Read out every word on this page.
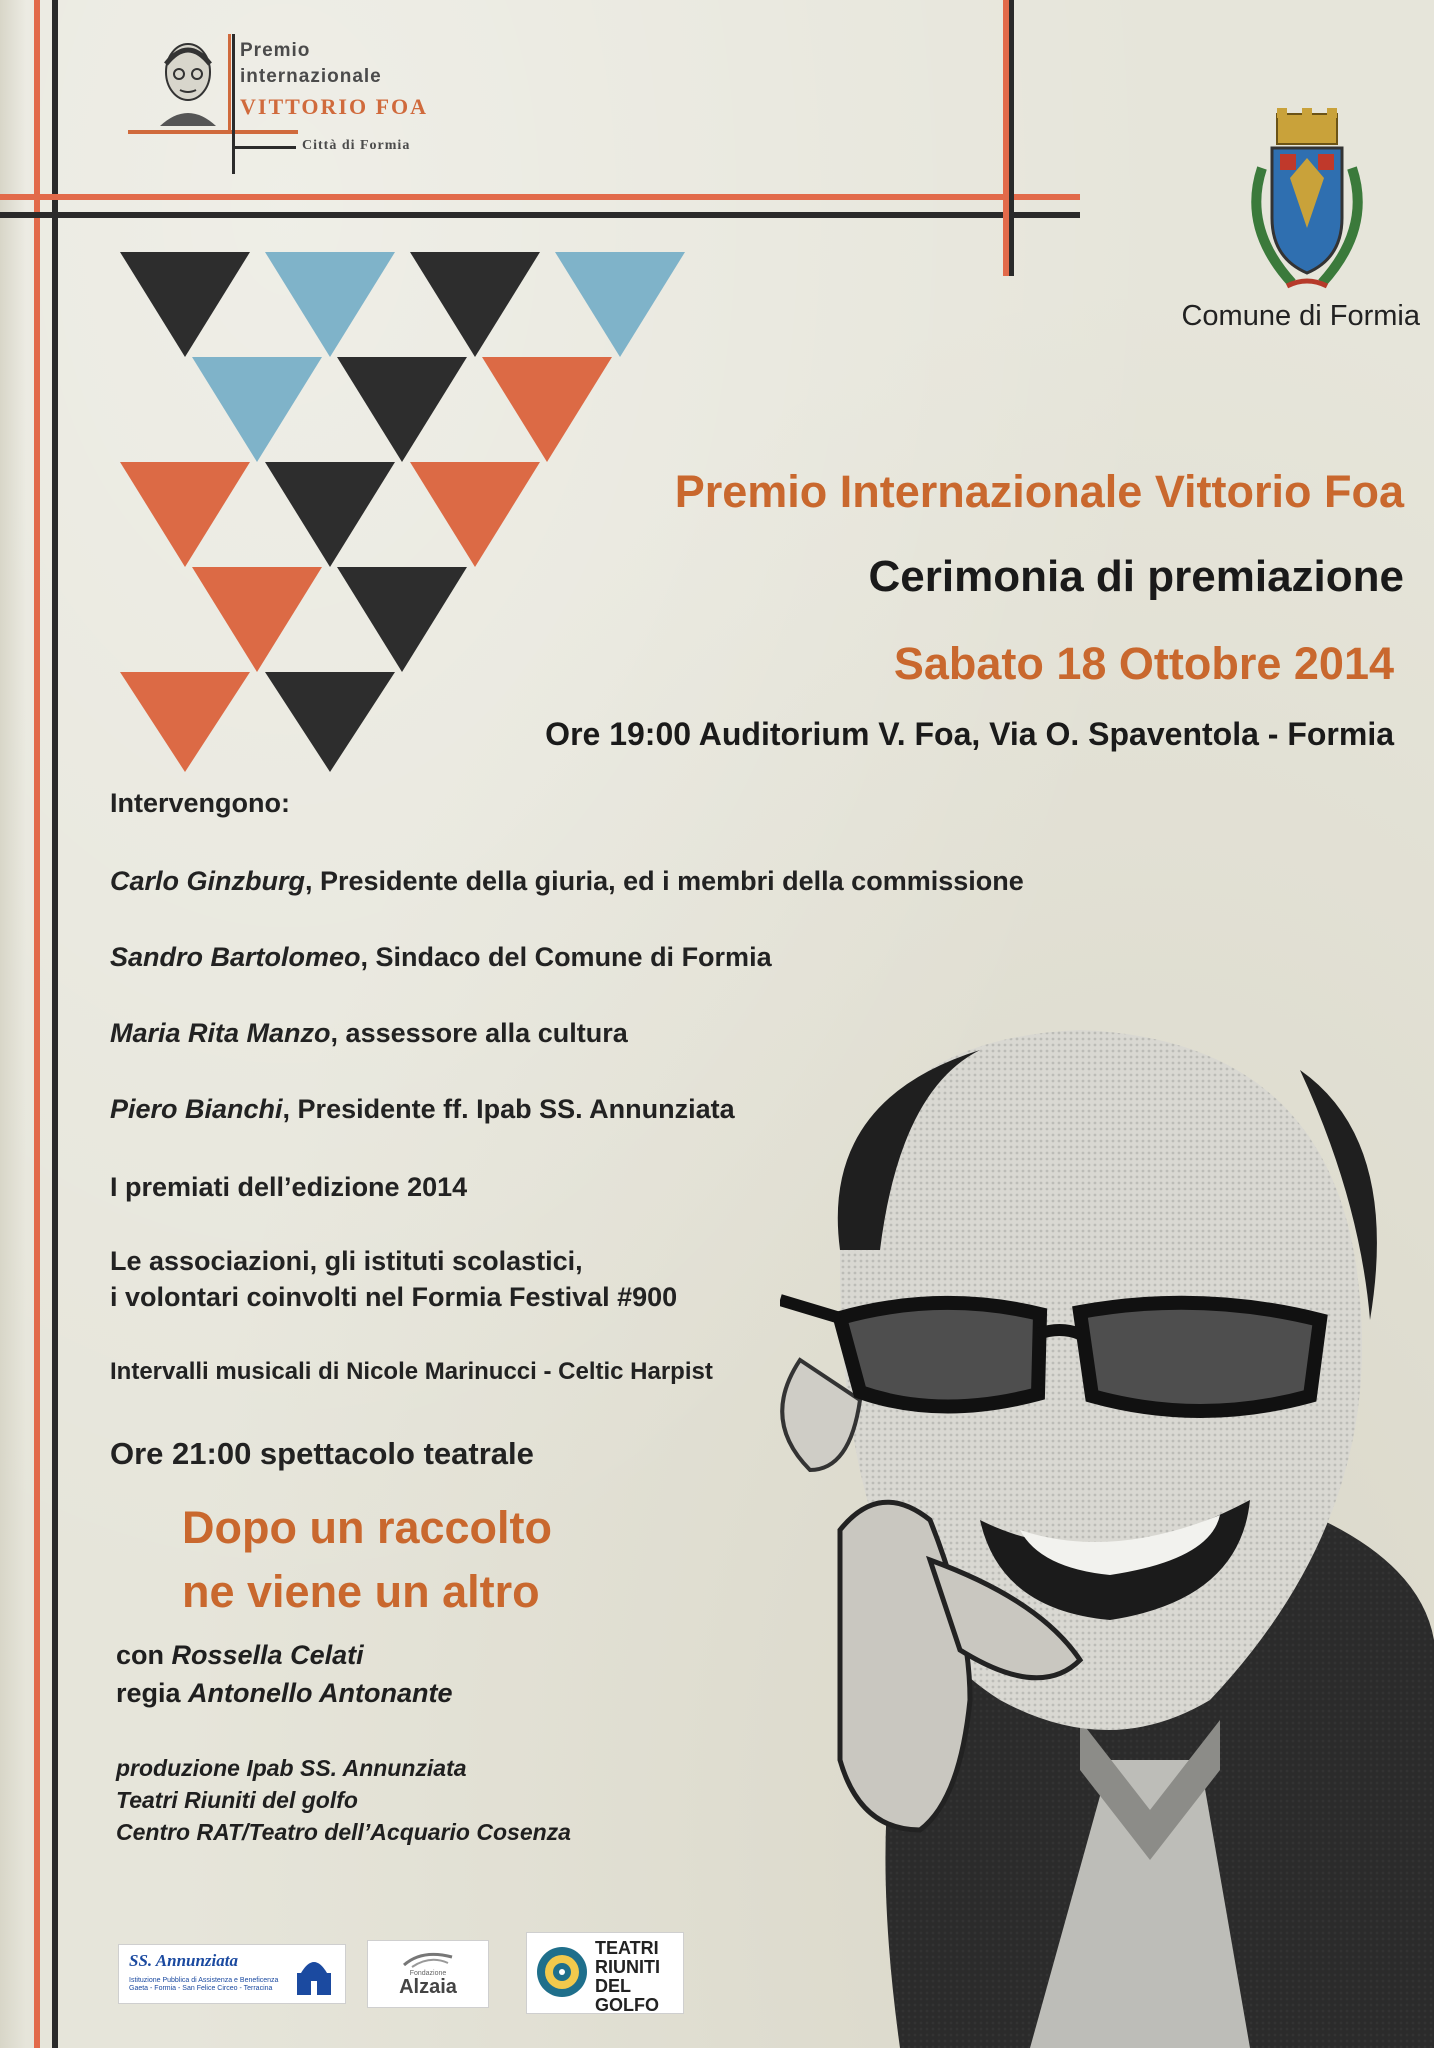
Premio
internazionale
VITTORIO FOA
Città di Formia
Comune di Formia
Premio Internazionale Vittorio Foa
Cerimonia di premiazione
Sabato 18 Ottobre 2014
Ore 19:00 Auditorium V. Foa, Via O. Spaventola - Formia
Intervengono:
Carlo Ginzburg, Presidente della giuria, ed i membri della commissione
Sandro Bartolomeo, Sindaco del Comune di Formia
Maria Rita Manzo, assessore alla cultura
Piero Bianchi, Presidente ff. Ipab SS. Annunziata
I premiati dell’edizione 2014
Le associazioni, gli istituti scolastici,
i volontari coinvolti nel Formia Festival #900
Intervalli musicali di Nicole Marinucci - Celtic Harpist
Ore 21:00 spettacolo teatrale
Dopo un raccolto
ne viene un altro
con Rossella Celati
regia Antonello Antonante
produzione Ipab SS. Annunziata
Teatri Riuniti del golfo
Centro RAT/Teatro dell’Acquario Cosenza
SS. Annunziata
Istituzione Pubblica di Assistenza e Beneficenza Gaeta - Formia - San Felice Circeo - Terracina
Fondazione
Alzaia
TEATRI RIUNITI DEL GOLFO
